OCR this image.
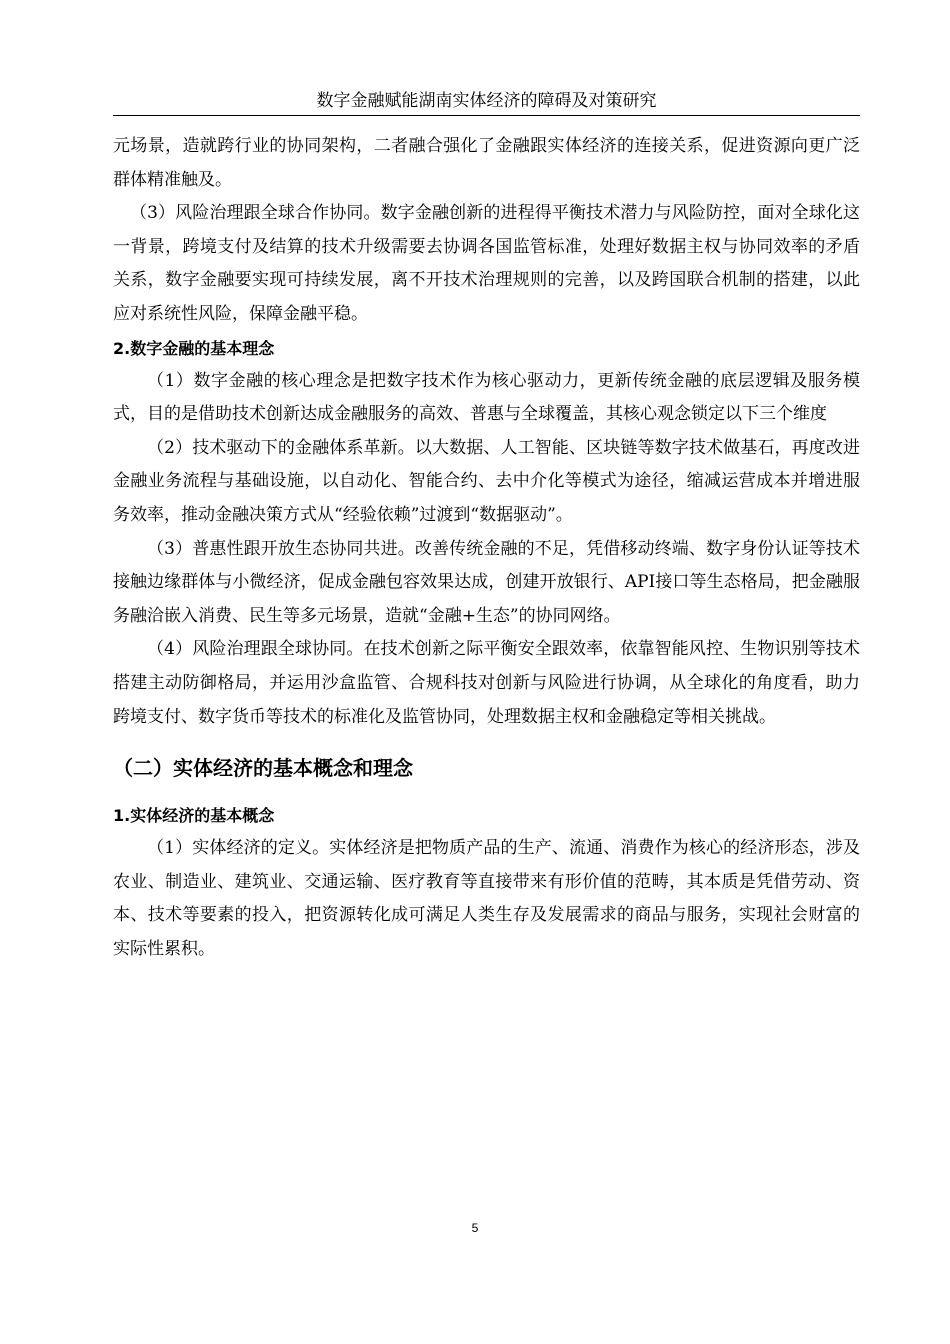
数字金融赋能湖南实体经济的障碍及对策研究

元场景，造就跨行业的协同架构，二者融合强化了金融跟实体经济的连接关系，促进资源向更广泛群体精准触及。

（3）风险治理跟全球合作协同。数字金融创新的进程得平衡技术潜力与风险防控，面对全球化这一背景，跨境支付及结算的技术升级需要去协调各国监管标准，处理好数据主权与协同效率的矛盾关系，数字金融要实现可持续发展，离不开技术治理规则的完善，以及跨国联合机制的搭建，以此应对系统性风险，保障金融平稳。

2.数字金融的基本理念

（1）数字金融的核心理念是把数字技术作为核心驱动力，更新传统金融的底层逻辑及服务模式，目的是借助技术创新达成金融服务的高效、普惠与全球覆盖，其核心观念锁定以下三个维度

（2）技术驱动下的金融体系革新。以大数据、人工智能、区块链等数字技术做基石，再度改进金融业务流程与基础设施，以自动化、智能合约、去中介化等模式为途径，缩减运营成本并增进服务效率，推动金融决策方式从“经验依赖”过渡到“数据驱动”。

（3）普惠性跟开放生态协同共进。改善传统金融的不足，凭借移动终端、数字身份认证等技术接触边缘群体与小微经济，促成金融包容效果达成，创建开放银行、API接口等生态格局，把金融服务融洽嵌入消费、民生等多元场景，造就“金融+生态”的协同网络。

（4）风险治理跟全球协同。在技术创新之际平衡安全跟效率，依靠智能风控、生物识别等技术搭建主动防御格局，并运用沙盒监管、合规科技对创新与风险进行协调，从全球化的角度看，助力跨境支付、数字货币等技术的标准化及监管协同，处理数据主权和金融稳定等相关挑战。

（二）实体经济的基本概念和理念
1.实体经济的基本概念

（1）实体经济的定义。实体经济是把物质产品的生产、流通、消费作为核心的经济形态，涉及农业、制造业、建筑业、交通运输、医疗教育等直接带来有形价值的范畴，其本质是凭借劳动、资本、技术等要素的投入，把资源转化成可满足人类生存及发展需求的商品与服务，实现社会财富的实际性累积。

5
